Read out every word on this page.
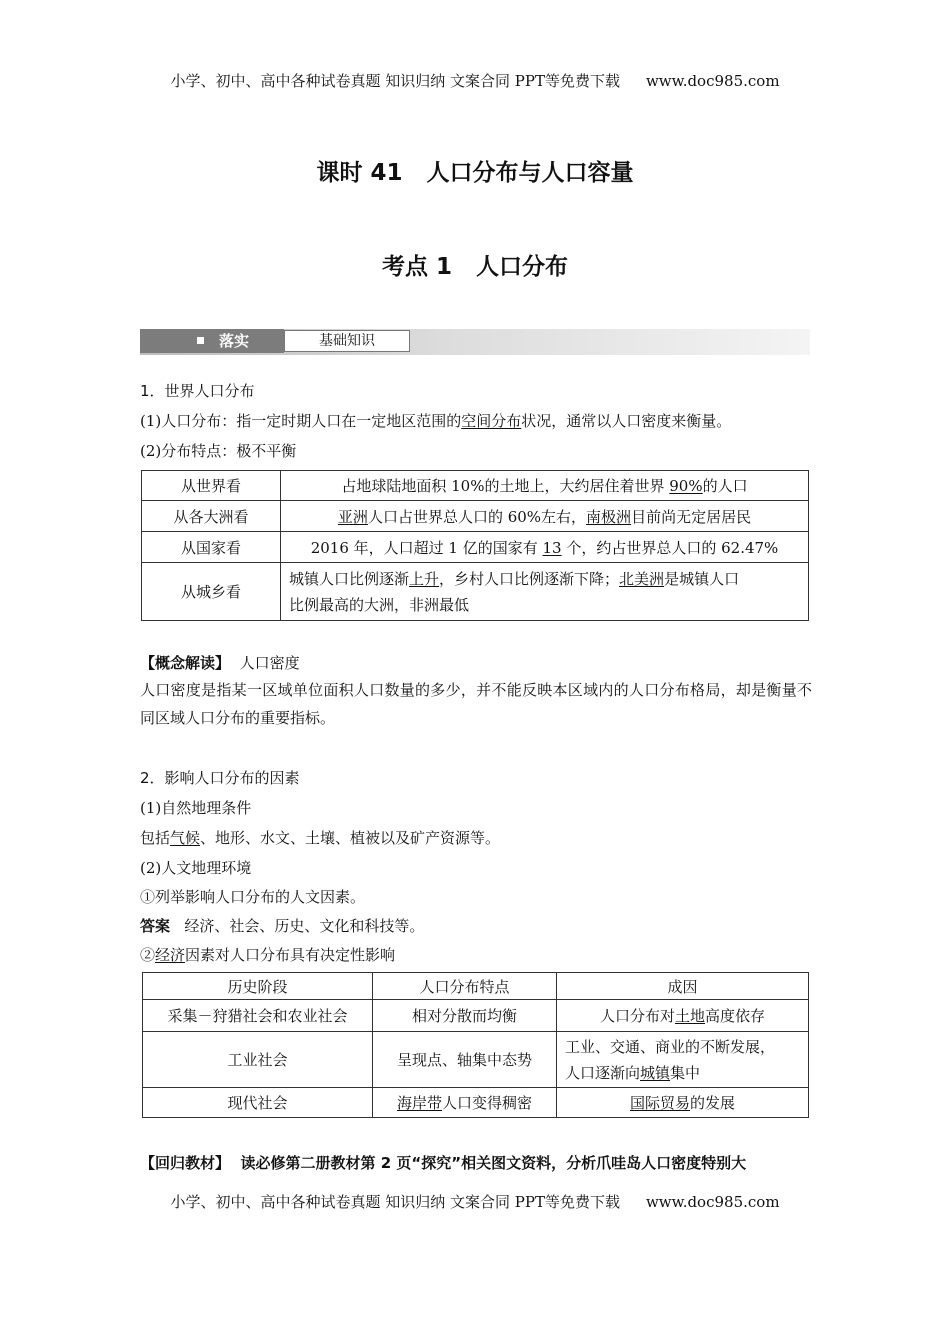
小学、初中、高中各种试卷真题 知识归纳 文案合同 PPT等免费下载 www.doc985.com
课时 41 人口分布与人口容量
考点 1 人口分布
落实	基础知识
1．世界人口分布
(1)人口分布：指一定时期人口在一定地区范围的空间分布状况，通常以人口密度来衡量。
(2)分布特点：极不平衡
从世界看	占地球陆地面积 10%的土地上，大约居住着世界 90%的人口
从各大洲看	亚洲人口占世界总人口的 60%左右，南极洲目前尚无定居居民
从国家看	2016 年，人口超过 1 亿的国家有 13 个，约占世界总人口的 62.47%
从城乡看	城镇人口比例逐渐上升，乡村人口比例逐渐下降；北美洲是城镇人口
比例最高的大洲，非洲最低
【概念解读】 人口密度
人口密度是指某一区域单位面积人口数量的多少，并不能反映本区域内的人口分布格局，却是衡量不同区域人口分布的重要指标。
2．影响人口分布的因素
(1)自然地理条件
包括气候、地形、水文、土壤、植被以及矿产资源等。
(2)人文地理环境
①列举影响人口分布的人文因素。
答案 经济、社会、历史、文化和科技等。
②经济因素对人口分布具有决定性影响
历史阶段	人口分布特点	成因
采集－狩猎社会和农业社会	相对分散而均衡	人口分布对土地高度依存
工业社会	呈现点、轴集中态势	工业、交通、商业的不断发展，
人口逐渐向城镇集中
现代社会	海岸带人口变得稠密	国际贸易的发展
【回归教材】 读必修第二册教材第 2 页“探究”相关图文资料，分析爪哇岛人口密度特别大
小学、初中、高中各种试卷真题 知识归纳 文案合同 PPT等免费下载 www.doc985.com
